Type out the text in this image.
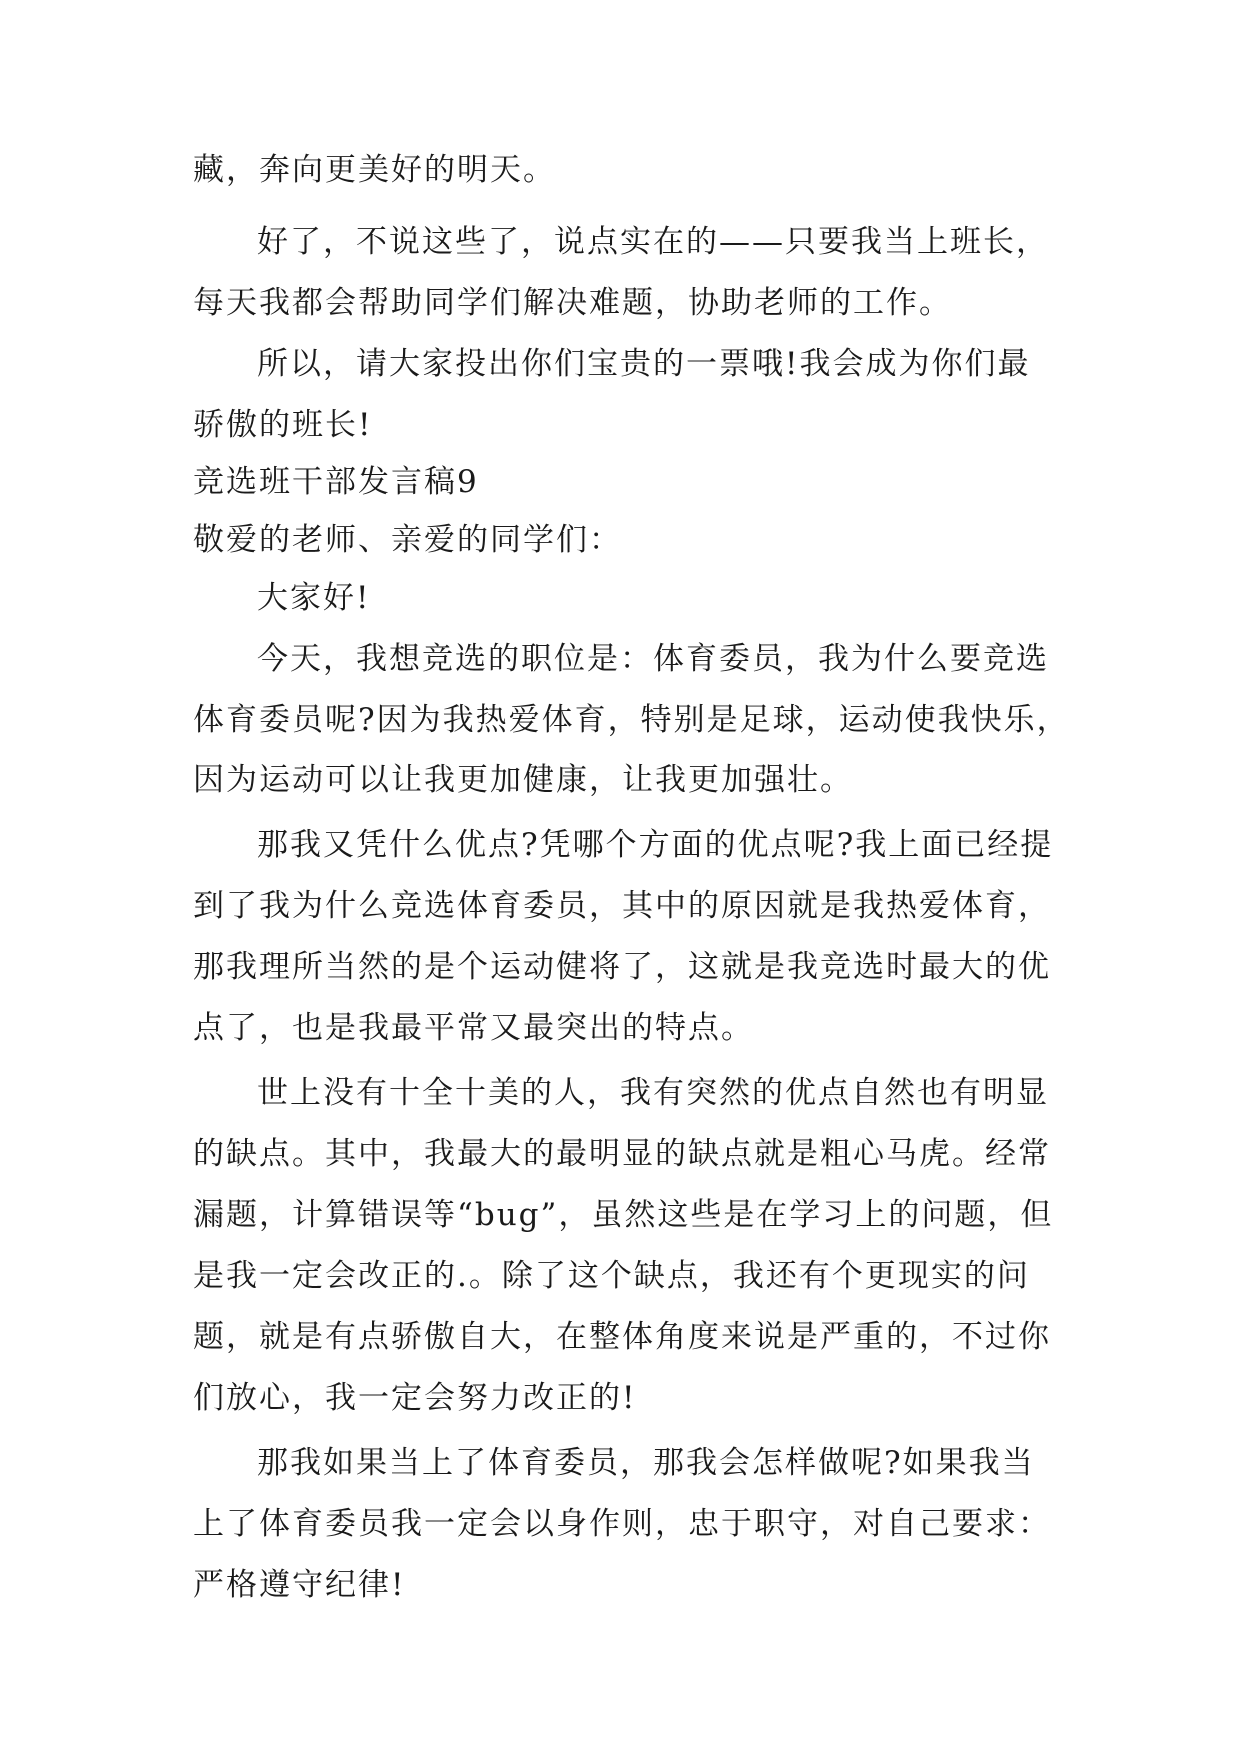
藏，奔向更美好的明天。
好了，不说这些了，说点实在的——只要我当上班长，
每天我都会帮助同学们解决难题，协助老师的工作。
所以，请大家投出你们宝贵的一票哦!我会成为你们最
骄傲的班长!
竞选班干部发言稿9
敬爱的老师、亲爱的同学们：
大家好!
今天，我想竞选的职位是：体育委员，我为什么要竞选
体育委员呢?因为我热爱体育，特别是足球，运动使我快乐，
因为运动可以让我更加健康，让我更加强壮。
那我又凭什么优点?凭哪个方面的优点呢?我上面已经提
到了我为什么竞选体育委员，其中的原因就是我热爱体育，
那我理所当然的是个运动健将了，这就是我竞选时最大的优
点了，也是我最平常又最突出的特点。
世上没有十全十美的人，我有突然的优点自然也有明显
的缺点。其中，我最大的最明显的缺点就是粗心马虎。经常
漏题，计算错误等“bug”，虽然这些是在学习上的问题，但
是我一定会改正的.。除了这个缺点，我还有个更现实的问
题，就是有点骄傲自大，在整体角度来说是严重的，不过你
们放心，我一定会努力改正的!
那我如果当上了体育委员，那我会怎样做呢?如果我当
上了体育委员我一定会以身作则，忠于职守，对自己要求：
严格遵守纪律!
